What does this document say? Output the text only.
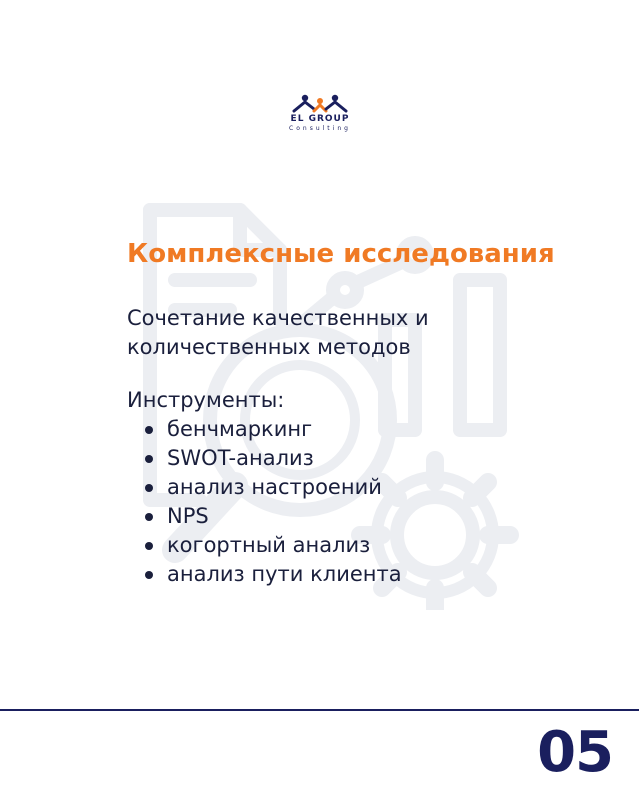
EL GROUP
Consulting
Комплексные исследования
Сочетание качественных и
количественных методов
Инструменты:
бенчмаркинг
SWOT-анализ
анализ настроений
NPS
когортный анализ
анализ пути клиента
05
